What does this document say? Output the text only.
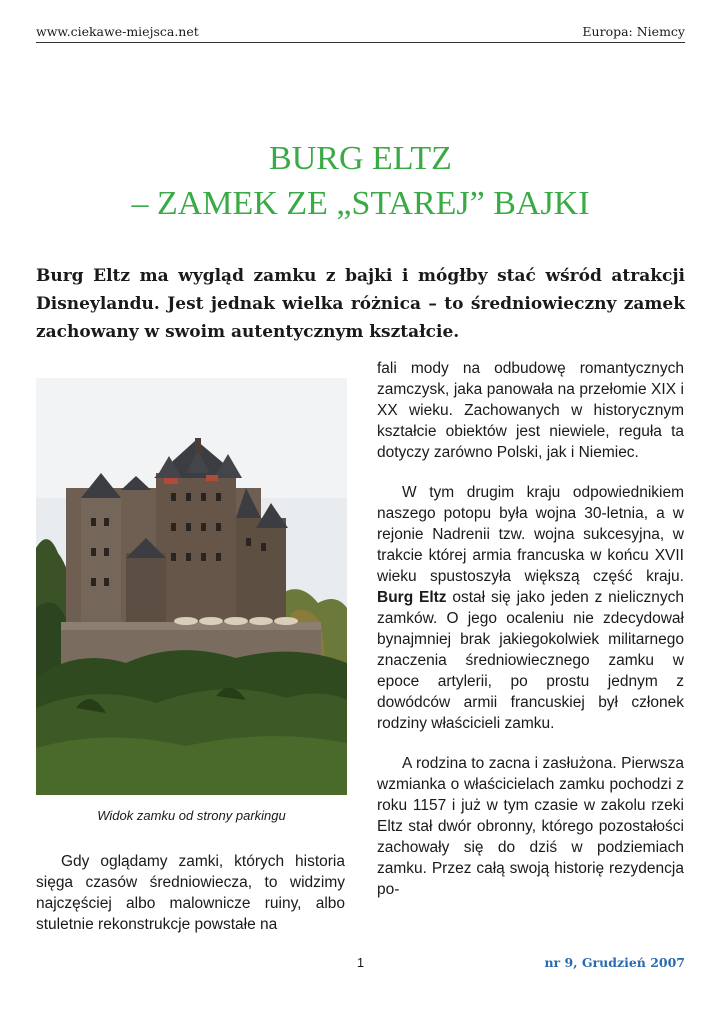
www.ciekawe-miejsca.net	Europa: Niemcy
BURG ELTZ
– ZAMEK ZE „STAREJ” BAJKI
Burg Eltz ma wygląd zamku z bajki i mógłby stać wśród atrakcji Disneylandu. Jest jednak wielka różnica – to średniowieczny zamek zachowany w swoim autentycznym kształcie.
Widok zamku od strony parkingu

Gdy oglądamy zamki, których historia sięga czasów średniowiecza, to widzimy najczęściej albo malownicze ruiny, albo stuletnie rekonstrukcje powstałe na

fali mody na odbudowę romantycznych zamczysk, jaka panowała na przełomie XIX i XX wieku. Zachowanych w historycznym kształcie obiektów jest niewiele, reguła ta dotyczy zarówno Polski, jak i Niemiec.

W tym drugim kraju odpowiednikiem naszego potopu była wojna 30-letnia, a w rejonie Nadrenii tzw. wojna sukcesyjna, w trakcie której armia francuska w końcu XVII wieku spustoszyła większą część kraju. Burg Eltz ostał się jako jeden z nielicznych zamków. O jego ocaleniu nie zdecydował bynajmniej brak jakiegokolwiek militarnego znaczenia średniowiecznego zamku w epoce artylerii, po prostu jednym z dowódców armii francuskiej był członek rodziny właścicieli zamku.

A rodzina to zacna i zasłużona. Pierwsza wzmianka o właścicielach zamku pochodzi z roku 1157 i już w tym czasie w zakolu rzeki Eltz stał dwór obronny, którego pozostałości zachowały się do dziś w podziemiach zamku. Przez całą swoją historię rezydencja po-

1	nr 9, Grudzień 2007
